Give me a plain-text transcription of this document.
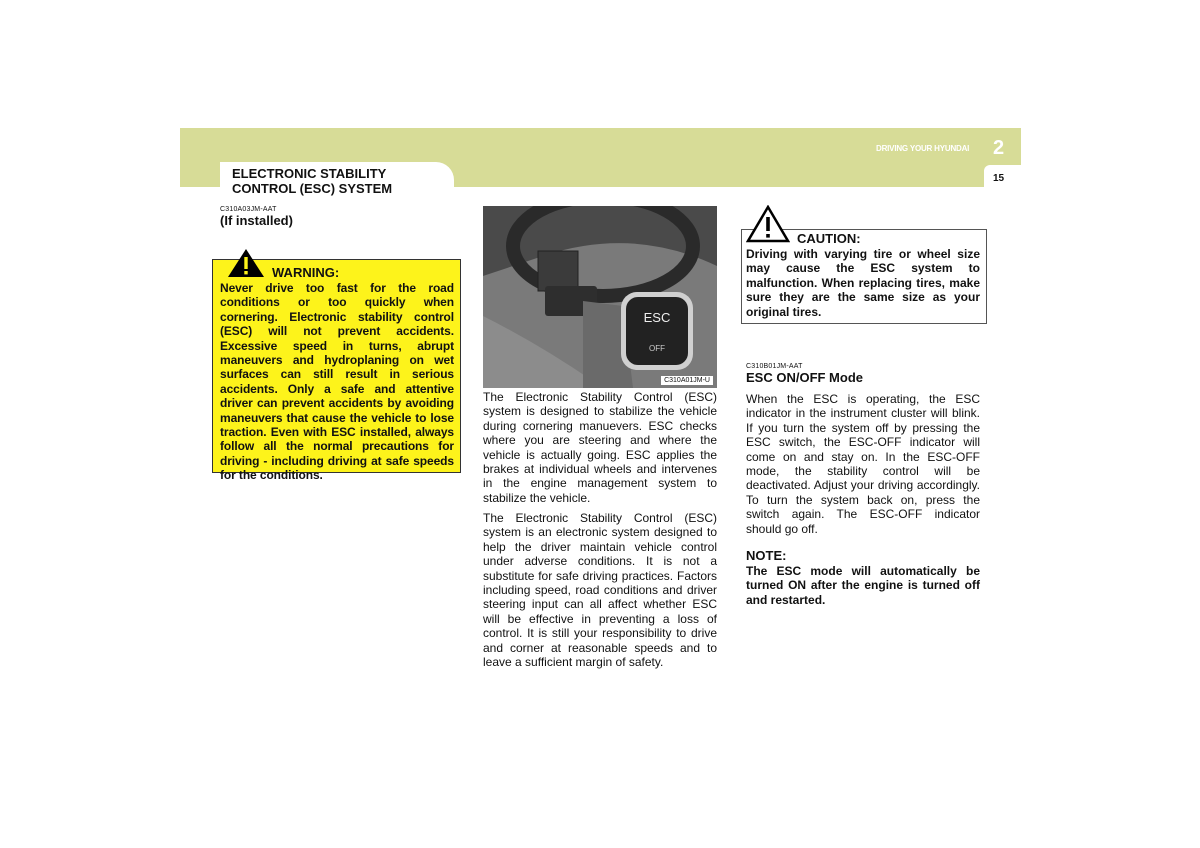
DRIVING YOUR HYUNDAI 2
15
ELECTRONIC STABILITY
CONTROL (ESC) SYSTEM
C310A03JM-AAT
(If installed)
WARNING:
Never drive too fast for the road conditions or too quickly when cornering. Electronic stability control (ESC) will not prevent accidents. Excessive speed in turns, abrupt maneuvers and hydroplaning on wet surfaces can still result in serious accidents. Only a safe and attentive driver can prevent accidents by avoiding maneuvers that cause the vehicle to lose traction. Even with ESC installed, always follow all the normal precautions for driving - including driving at safe speeds for the conditions.
ESC
OFF
C310A01JM-U
The Electronic Stability Control (ESC) system is designed to stabilize the vehicle during cornering manuevers. ESC checks where you are steering and where the vehicle is actually going. ESC applies the brakes at individual wheels and intervenes in the engine management system to stabilize the vehicle.
The Electronic Stability Control (ESC) system is an electronic system designed to help the driver maintain vehicle control under adverse conditions. It is not a substitute for safe driving practices. Factors including speed, road conditions and driver steering input can all affect whether ESC will be effective in preventing a loss of control. It is still your responsibility to drive and corner at reasonable speeds and to leave a sufficient margin of safety.
CAUTION:
Driving with varying tire or wheel size may cause the ESC system to malfunction. When replacing tires, make sure they are the same size as your original tires.
C310B01JM-AAT
ESC ON/OFF Mode
When the ESC is operating, the ESC indicator in the instrument cluster will blink. If you turn the system off by pressing the ESC switch, the ESC-OFF indicator will come on and stay on. In the ESC-OFF mode, the stability control will be deactivated. Adjust your driving accordingly. To turn the system back on, press the switch again. The ESC-OFF indicator should go off.
NOTE:
The ESC mode will automatically be turned ON after the engine is turned off and restarted.
